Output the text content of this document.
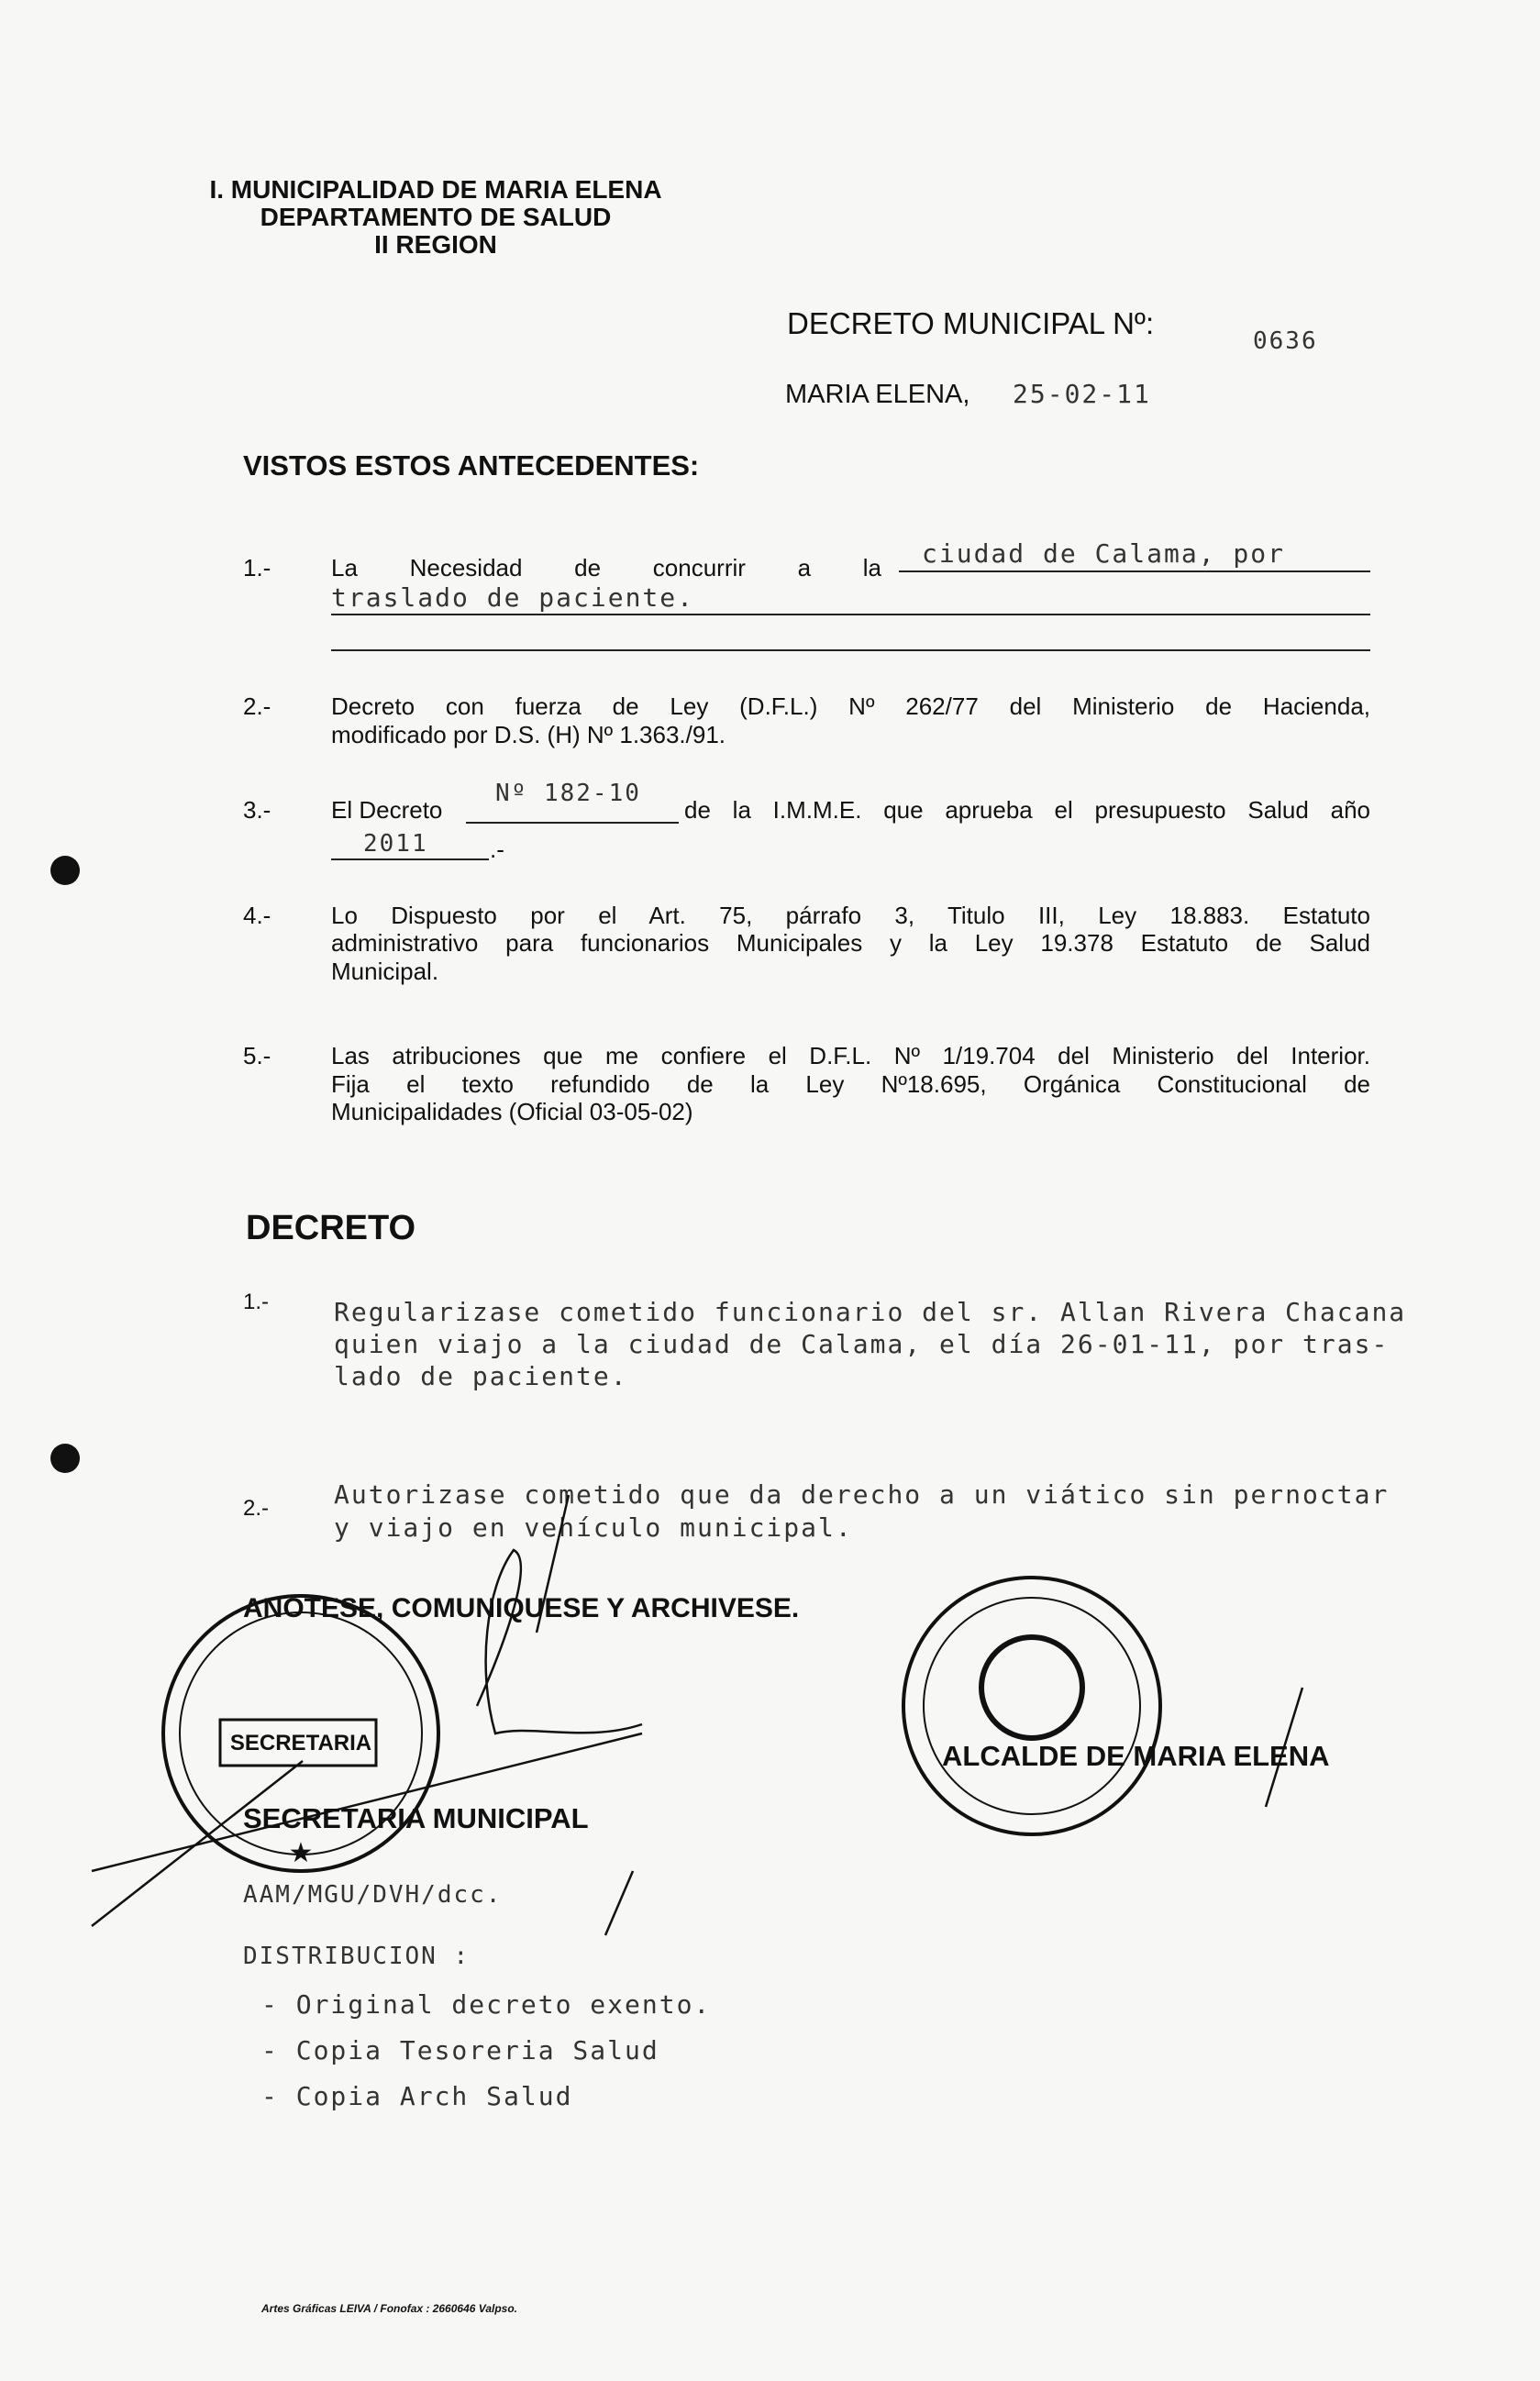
I. MUNICIPALIDAD DE MARIA ELENA
DEPARTAMENTO DE SALUD
II REGION
DECRETO MUNICIPAL Nº:
0636
MARIA ELENA, 25-02-11
VISTOS ESTOS ANTECEDENTES:
1.-	La Necesidad de concurrir a la ciudad de Calama, por
traslado de paciente.
2.-	Decreto con fuerza de Ley (D.F.L.) Nº 262/77 del Ministerio de Hacienda,
modificado por D.S. (H) Nº 1.363./91.
3.-	El Decreto
Nº 182-10
de la I.M.M.E. que aprueba el presupuesto Salud año
2011	.-
4.-	Lo Dispuesto por el Art. 75, párrafo 3, Titulo III, Ley 18.883. Estatuto
administrativo para funcionarios Municipales y la Ley 19.378 Estatuto de Salud
Municipal.
5.-	Las atribuciones que me confiere el D.F.L. Nº 1/19.704 del Ministerio del Interior.
Fija el texto refundido de la Ley Nº18.695, Orgánica Constitucional de
Municipalidades (Oficial 03-05-02)
DECRETO
1.-	Regularizase cometido funcionario del sr. Allan Rivera Chacana
quien viajo a la ciudad de Calama, el día 26-01-11, por tras-
lado de paciente.
2.-	Autorizase cometido que da derecho a un viático sin pernoctar
y viajo en vehículo municipal.
ANOTESE, COMUNIQUESE Y ARCHIVESE.
SECRETARIA MUNICIPAL
ALCALDE DE MARIA ELENA
SECRETARIA
★
AAM/MGU/DVH/dcc.
DISTRIBUCION :
- Original decreto exento.
- Copia Tesoreria Salud
- Copia Arch Salud
Artes Gráficas LEIVA / Fonofax : 2660646 Valpso.
